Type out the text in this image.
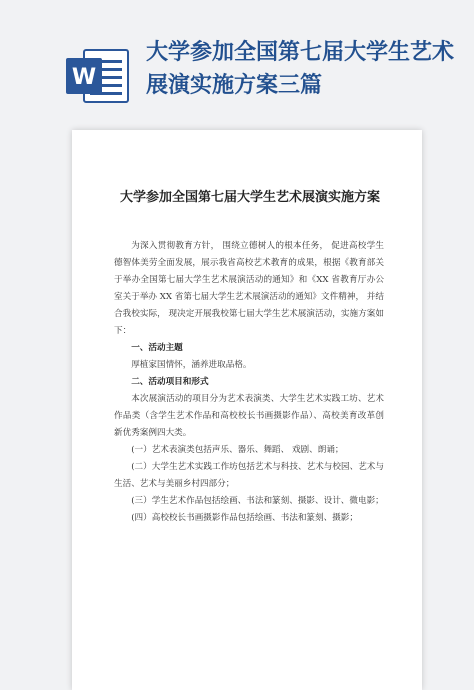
W
大学参加全国第七届大学生艺术展演实施方案三篇
大学参加全国第七届大学生艺术展演实施方案

为深入贯彻教育方针， 围绕立德树人的根本任务， 促进高校学生德智体美劳全面发展，展示我省高校艺术教育的成果，根据《教育部关于举办全国第七届大学生艺术展演活动的通知》和《XX 省教育厅办公室关于举办 XX 省第七届大学生艺术展演活动的通知》文件精神， 并结合我校实际， 现决定开展我校第七届大学生艺术展演活动，实施方案如下：

一、活动主题

厚植家国情怀，涵养进取品格。

二、活动项目和形式

本次展演活动的项目分为艺术表演类、大学生艺术实践工坊、艺术作品类（含学生艺术作品和高校校长书画摄影作品）、高校美育改革创新优秀案例四大类。

(一）艺术表演类包括声乐、器乐、舞蹈、 戏剧、朗诵；

(二）大学生艺术实践工作坊包括艺术与科技、艺术与校园、艺术与生活、艺术与美丽乡村四部分；

(三）学生艺术作品包括绘画、书法和篆刻、摄影、设计、微电影；

(四）高校校长书画摄影作品包括绘画、书法和篆刻、摄影；
